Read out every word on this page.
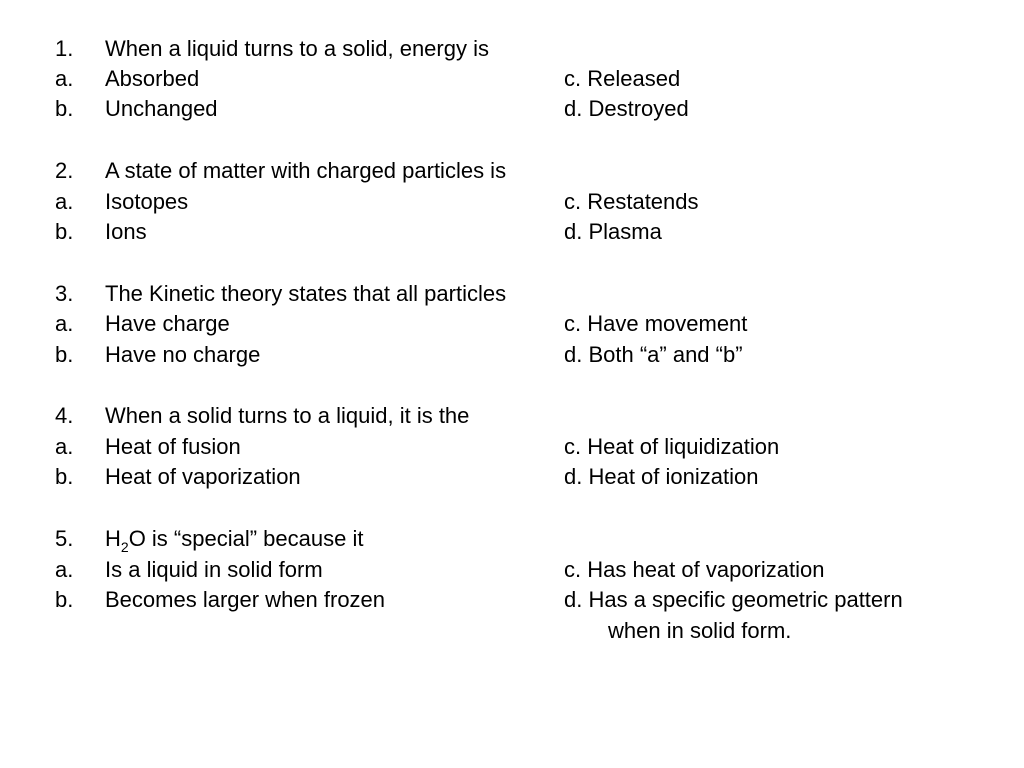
1. When a liquid turns to a solid, energy is
a. Absorbed	c. Released
b. Unchanged	d. Destroyed
2. A state of matter with charged particles is
a. Isotopes	c. Restatends
b. Ions	d. Plasma
3. The Kinetic theory states that all particles
a. Have charge	c. Have movement
b. Have no charge	d. Both “a” and “b”
4. When a solid turns to a liquid, it is the
a. Heat of fusion	c. Heat of liquidization
b. Heat of vaporization	d. Heat of ionization
5. $H_2O$ is “special” because it
a. Is a liquid in solid form	c. Has heat of vaporization
b. Becomes larger when frozen	d. Has a specific geometric pattern
when in solid form.
